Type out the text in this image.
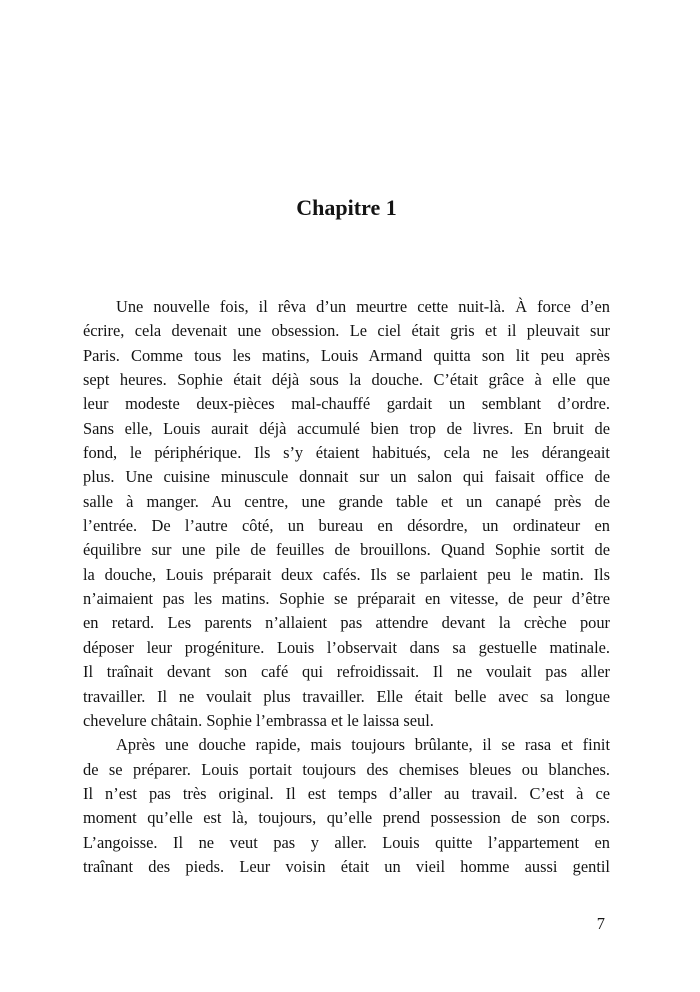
Chapitre 1
Une nouvelle fois, il rêva d’un meurtre cette nuit-là. À force d’en
écrire, cela devenait une obsession. Le ciel était gris et il pleuvait sur
Paris. Comme tous les matins, Louis Armand quitta son lit peu après
sept heures. Sophie était déjà sous la douche. C’était grâce à elle que
leur modeste deux-pièces mal-chauffé gardait un semblant d’ordre.
Sans elle, Louis aurait déjà accumulé bien trop de livres. En bruit de
fond, le périphérique. Ils s’y étaient habitués, cela ne les dérangeait
plus. Une cuisine minuscule donnait sur un salon qui faisait office de
salle à manger. Au centre, une grande table et un canapé près de
l’entrée. De l’autre côté, un bureau en désordre, un ordinateur en
équilibre sur une pile de feuilles de brouillons. Quand Sophie sortit de
la douche, Louis préparait deux cafés. Ils se parlaient peu le matin. Ils
n’aimaient pas les matins. Sophie se préparait en vitesse, de peur d’être
en retard. Les parents n’allaient pas attendre devant la crèche pour
déposer leur progéniture. Louis l’observait dans sa gestuelle matinale.
Il traînait devant son café qui refroidissait. Il ne voulait pas aller
travailler. Il ne voulait plus travailler. Elle était belle avec sa longue
chevelure châtain. Sophie l’embrassa et le laissa seul.
Après une douche rapide, mais toujours brûlante, il se rasa et finit
de se préparer. Louis portait toujours des chemises bleues ou blanches.
Il n’est pas très original. Il est temps d’aller au travail. C’est à ce
moment qu’elle est là, toujours, qu’elle prend possession de son corps.
L’angoisse. Il ne veut pas y aller. Louis quitte l’appartement en
traînant des pieds. Leur voisin était un vieil homme aussi gentil
7
